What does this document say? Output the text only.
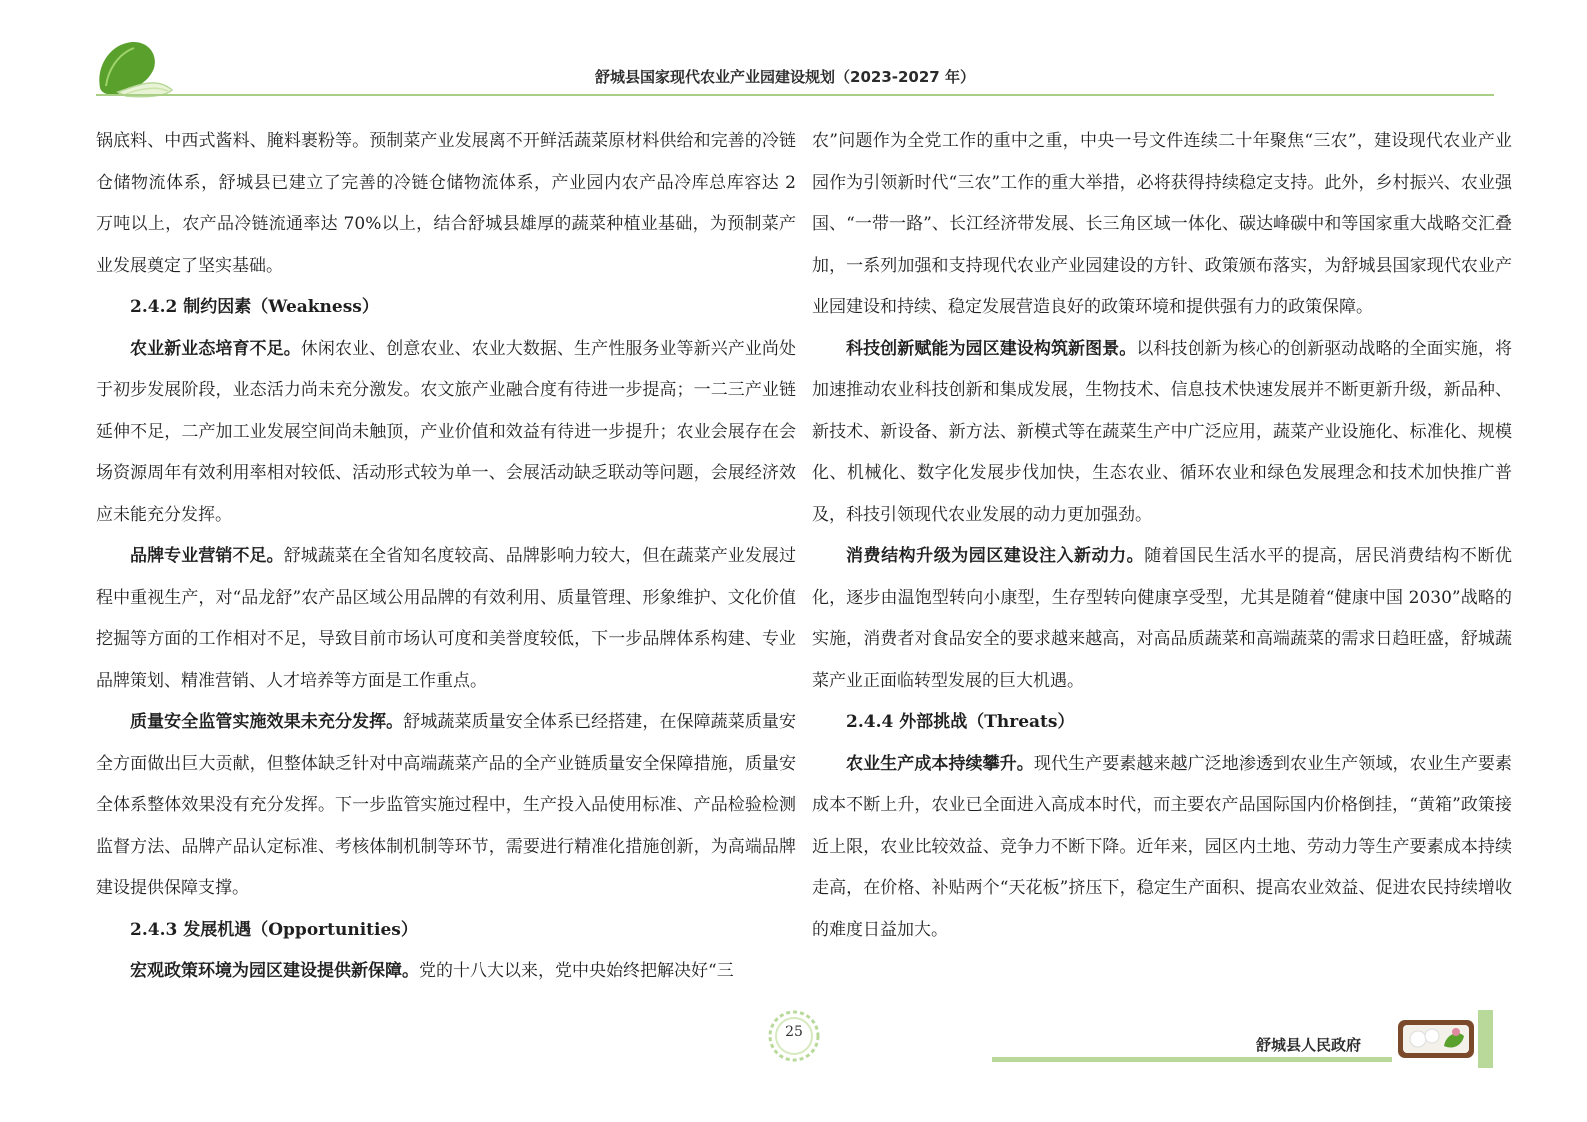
舒城县国家现代农业产业园建设规划（2023-2027 年）

锅底料、中西式酱料、腌料裹粉等。预制菜产业发展离不开鲜活蔬菜原材料供给和完善的冷链仓储物流体系，舒城县已建立了完善的冷链仓储物流体系，产业园内农产品冷库总库容达 2 万吨以上，农产品冷链流通率达 70%以上，结合舒城县雄厚的蔬菜种植业基础，为预制菜产业发展奠定了坚实基础。

2.4.2 制约因素（Weakness）

农业新业态培育不足。休闲农业、创意农业、农业大数据、生产性服务业等新兴产业尚处于初步发展阶段，业态活力尚未充分激发。农文旅产业融合度有待进一步提高；一二三产业链延伸不足，二产加工业发展空间尚未触顶，产业价值和效益有待进一步提升；农业会展存在会场资源周年有效利用率相对较低、活动形式较为单一、会展活动缺乏联动等问题，会展经济效应未能充分发挥。

品牌专业营销不足。舒城蔬菜在全省知名度较高、品牌影响力较大，但在蔬菜产业发展过程中重视生产，对“品龙舒”农产品区域公用品牌的有效利用、质量管理、形象维护、文化价值挖掘等方面的工作相对不足，导致目前市场认可度和美誉度较低，下一步品牌体系构建、专业品牌策划、精准营销、人才培养等方面是工作重点。

质量安全监管实施效果未充分发挥。舒城蔬菜质量安全体系已经搭建，在保障蔬菜质量安全方面做出巨大贡献，但整体缺乏针对中高端蔬菜产品的全产业链质量安全保障措施，质量安全体系整体效果没有充分发挥。下一步监管实施过程中，生产投入品使用标准、产品检验检测监督方法、品牌产品认定标准、考核体制机制等环节，需要进行精准化措施创新，为高端品牌建设提供保障支撑。

2.4.3 发展机遇（Opportunities）

宏观政策环境为园区建设提供新保障。党的十八大以来，党中央始终把解决好“三

农”问题作为全党工作的重中之重，中央一号文件连续二十年聚焦“三农”，建设现代农业产业园作为引领新时代“三农”工作的重大举措，必将获得持续稳定支持。此外，乡村振兴、农业强国、“一带一路”、长江经济带发展、长三角区域一体化、碳达峰碳中和等国家重大战略交汇叠加，一系列加强和支持现代农业产业园建设的方针、政策颁布落实，为舒城县国家现代农业产业园建设和持续、稳定发展营造良好的政策环境和提供强有力的政策保障。

科技创新赋能为园区建设构筑新图景。以科技创新为核心的创新驱动战略的全面实施，将加速推动农业科技创新和集成发展，生物技术、信息技术快速发展并不断更新升级，新品种、新技术、新设备、新方法、新模式等在蔬菜生产中广泛应用，蔬菜产业设施化、标准化、规模化、机械化、数字化发展步伐加快，生态农业、循环农业和绿色发展理念和技术加快推广普及，科技引领现代农业发展的动力更加强劲。

消费结构升级为园区建设注入新动力。随着国民生活水平的提高，居民消费结构不断优化，逐步由温饱型转向小康型，生存型转向健康享受型，尤其是随着“健康中国 2030”战略的实施，消费者对食品安全的要求越来越高，对高品质蔬菜和高端蔬菜的需求日趋旺盛，舒城蔬菜产业正面临转型发展的巨大机遇。

2.4.4 外部挑战（Threats）

农业生产成本持续攀升。现代生产要素越来越广泛地渗透到农业生产领域，农业生产要素成本不断上升，农业已全面进入高成本时代，而主要农产品国际国内价格倒挂，“黄箱”政策接近上限，农业比较效益、竞争力不断下降。近年来，园区内土地、劳动力等生产要素成本持续走高，在价格、补贴两个“天花板”挤压下，稳定生产面积、提高农业效益、促进农民持续增收的难度日益加大。

25
舒城县人民政府
